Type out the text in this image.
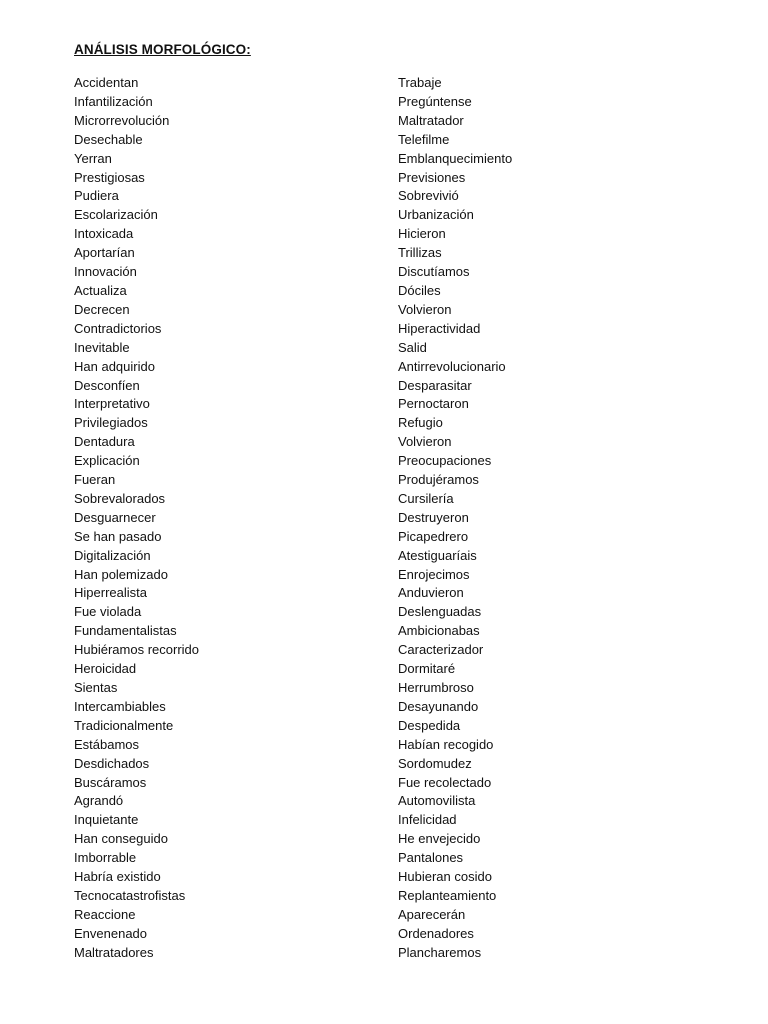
ANÁLISIS MORFOLÓGICO:
Accidentan
Infantilización
Microrrevolución
Desechable
Yerran
Prestigiosas
Pudiera
Escolarización
Intoxicada
Aportarían
Innovación
Actualiza
Decrecen
Contradictorios
Inevitable
Han adquirido
Desconfíen
Interpretativo
Privilegiados
Dentadura
Explicación
Fueran
Sobrevalorados
Desguarnecer
Se han pasado
Digitalización
Han polemizado
Hiperrealista
Fue violada
Fundamentalistas
Hubiéramos recorrido
Heroicidad
Sientas
Intercambiables
Tradicionalmente
Estábamos
Desdichados
Buscáramos
Agrandó
Inquietante
Han conseguido
Imborrable
Habría existido
Tecnocatastrofistas
Reaccione
Envenenado
Maltratadores
Trabaje
Pregúntense
Maltratador
Telefilme
Emblanquecimiento
Previsiones
Sobrevivió
Urbanización
Hicieron
Trillizas
Discutíamos
Dóciles
Volvieron
Hiperactividad
Salid
Antirrevolucionario
Desparasitar
Pernoctaron
Refugio
Volvieron
Preocupaciones
Produjéramos
Cursilería
Destruyeron
Picapedrero
Atestiguaríais
Enrojecimos
Anduvieron
Deslenguadas
Ambicionabas
Caracterizador
Dormitaré
Herrumbroso
Desayunando
Despedida
Habían recogido
Sordomudez
Fue recolectado
Automovilista
Infelicidad
He envejecido
Pantalones
Hubieran cosido
Replanteamiento
Aparecerán
Ordenadores
Plancharemos
